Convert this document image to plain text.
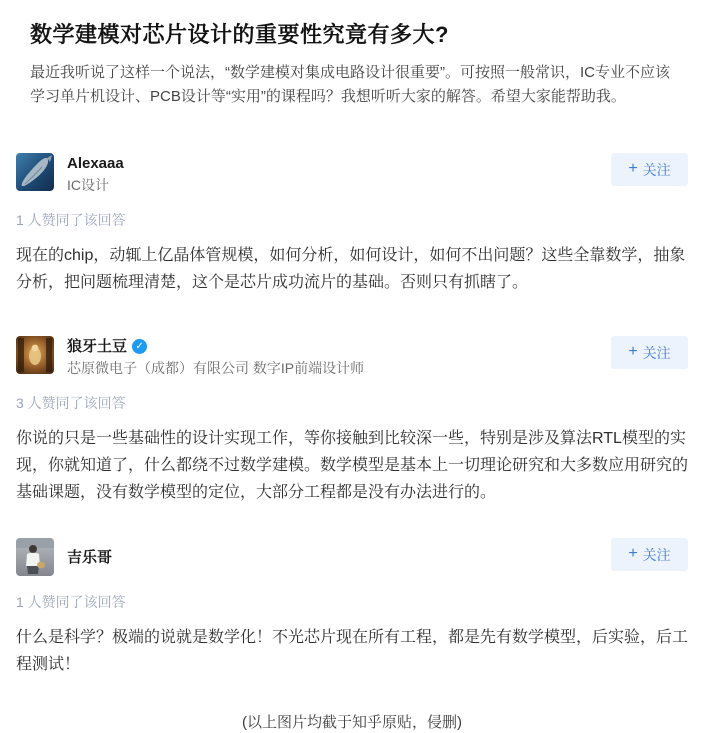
数学建模对芯片设计的重要性究竟有多大?
最近我听说了这样一个说法，“数学建模对集成电路设计很重要”。可按照一般常识，IC专业不应该学习单片机设计、PCB设计等“实用”的课程吗？我想听听大家的解答。希望大家能帮助我。
Alexaaa
IC设计
+ 关注
1 人赞同了该回答
现在的chip，动辄上亿晶体管规模，如何分析，如何设计，如何不出问题？这些全靠数学，抽象分析，把问题梳理清楚，这个是芯片成功流片的基础。否则只有抓瞎了。
狼牙土豆 ✓
芯原微电子（成都）有限公司 数字IP前端设计师
+ 关注
3 人赞同了该回答
你说的只是一些基础性的设计实现工作，等你接触到比较深一些，特别是涉及算法RTL模型的实现，你就知道了，什么都绕不过数学建模。数学模型是基本上一切理论研究和大多数应用研究的基础课题，没有数学模型的定位，大部分工程都是没有办法进行的。
吉乐哥	+ 关注
1 人赞同了该回答
什么是科学？极端的说就是数学化！不光芯片现在所有工程，都是先有数学模型，后实验，后工程测试！
(以上图片均截于知乎原贴，侵删)
